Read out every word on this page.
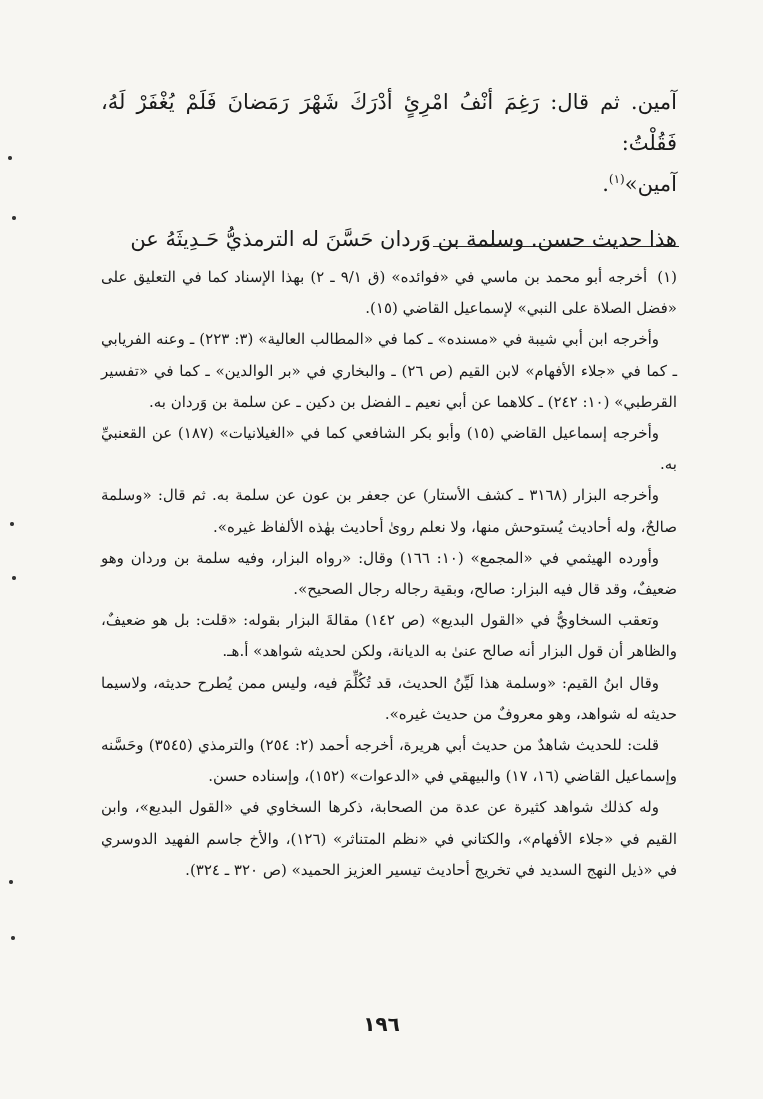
آمين. ثم قال: رَغِمَ أنْفُ امْرِئٍ أدْرَكَ شَهْرَ رَمَضانَ فَلَمْ يُغْفَرْ لَهُ، فَقُلْتُ:
آمين»$^{(١)}$.

هذا حديث حسن. وسلمة بن وَردان حَسَّنَ له الترمذيُّ حَـدِيثَهُ عن

(١)أخرجه أبو محمد بن ماسي في «فوائده» (ق ٩/١ ـ ٢) بهذا الإسناد كما في التعليق على «فضل الصلاة على النبي» لإسماعيل القاضي (١٥).

وأخرجه ابن أبي شيبة في «مسنده» ـ كما في «المطالب العالية» (٣: ٢٢٣) ـ وعنه الفريابي ـ كما في «جلاء الأفهام» لابن القيم (ص ٢٦) ـ والبخاري في «بر الوالدين» ـ كما في «تفسير القرطبي» (١٠: ٢٤٢) ـ كلاهما عن أبي نعيم ـ الفضل بن دكين ـ عن سلمة بن وَردان به.

وأخرجه إسماعيل القاضي (١٥) وأبو بكر الشافعي كما في «الغيلانيات» (١٨٧) عن القعنبيِّ به.

وأخرجه البزار (٣١٦٨ ـ كشف الأستار) عن جعفر بن عون عن سلمة به. ثم قال: «وسلمة صالحٌ، وله أحاديث يُستوحش منها، ولا نعلم روىٰ أحاديث بهٰذه الألفاظ غيره».

وأورده الهيثمي في «المجمع» (١٠: ١٦٦) وقال: «رواه البزار، وفيه سلمة بن وردان وهو ضعيفٌ، وقد قال فيه البزار: صالح، وبقية رجاله رجال الصحيح».

وتعقب السخاويُّ في «القول البديع» (ص ١٤٢) مقالةَ البزار بقوله: «قلت: بل هو ضعيفٌ، والظاهر أن قول البزار أنه صالح عنىٰ به الديانة، ولكن لحديثه شواهد» أ.هـ.

وقال ابنُ القيم: «وسلمة هذا لَيِّنُ الحديث، قد تُكُلِّمَ فيه، وليس ممن يُطرح حديثه، ولاسيما حديثه له شواهد، وهو معروفٌ من حديث غيره».

قلت: للحديث شاهدٌ من حديث أبي هريرة، أخرجه أحمد (٢: ٢٥٤) والترمذي (٣٥٤٥) وحَسَّنه وإسماعيل القاضي (١٦، ١٧) والبيهقي في «الدعوات» (١٥٢)، وإسناده حسن.

وله كذلك شواهد كثيرة عن عدة من الصحابة، ذكرها السخاوي في «القول البديع»، وابن القيم في «جلاء الأفهام»، والكتاني في «نظم المتناثر» (١٢٦)، والأخ جاسم الفهيد الدوسري في «ذيل النهج السديد في تخريج أحاديث تيسير العزيز الحميد» (ص ٣٢٠ ـ ٣٢٤).

١٩٦
